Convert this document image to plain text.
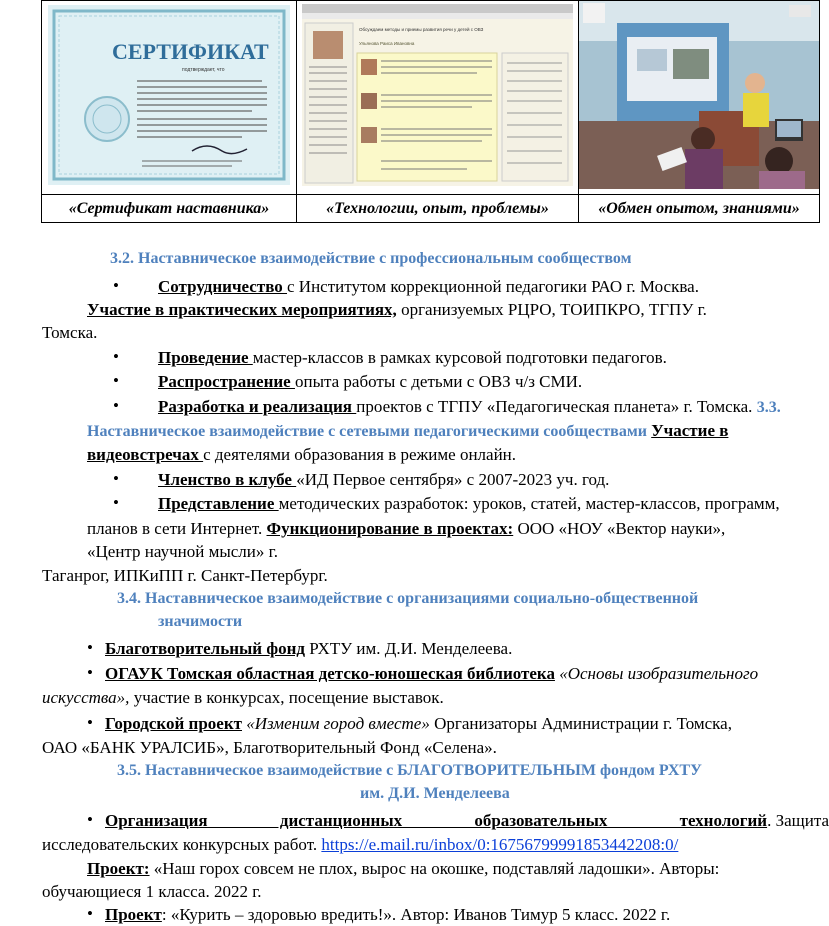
СЕРТИФИКАТ
подтверждает, что	Обсуждаем методы и приемы развития речи у детей с ОВЗ
Ульянова Раиса Ивановна

«Сертификат наставника»	«Технологии, опыт, проблемы»	«Обмен опытом, знаниями»
3.2. Наставническое взаимодействие с профессиональным сообществом
• Сотрудничество с Институтом коррекционной педагогики РАО г. Москва.
Участие в практических мероприятиях, организуемых РЦРО, ТОИПКРО, ТГПУ г.
Томска.
• Проведение мастер-классов в рамках курсовой подготовки педагогов.
• Распространение опыта работы с детьми с ОВЗ ч/з СМИ.
• Разработка и реализация проектов с ТГПУ «Педагогическая планета» г. Томска. 3.3.
Наставническое взаимодействие с сетевыми педагогическими сообществами Участие в
видеовстречах с деятелями образования в режиме онлайн.
• Членство в клубе «ИД Первое сентября» с 2007-2023 уч. год.
• Представление методических разработок: уроков, статей, мастер-классов, программ,
планов в сети Интернет. Функционирование в проектах: ООО «НОУ «Вектор науки»,
«Центр научной мысли» г.
Таганрог, ИПКиПП г. Санкт-Петербург.
3.4. Наставническое взаимодействие с организациями социально-общественной
значимости
• Благотворительный фонд РХТУ им. Д.И. Менделеева.
• ОГАУК Томская областная детско-юношеская библиотека «Основы изобразительного
искусства», участие в конкурсах, посещение выставок.
• Городской проект «Изменим город вместе» Организаторы Администрации г. Томска,
ОАО «БАНК УРАЛСИБ», Благотворительный Фонд «Селена».
3.5. Наставническое взаимодействие с БЛАГОТВОРИТЕЛЬНЫМ фондом РХТУ
им. Д.И. Менделеева
• Организация дистанционных образовательных технологий . Защита
исследовательских конкурсных работ. https://e.mail.ru/inbox/0:16756799991853442208:0/
Проект: «Наш горох совсем не плох, вырос на окошке, подставляй ладошки». Авторы:
обучающиеся 1 класса. 2022 г.
• Проект: «Курить – здоровью вредить!». Автор: Иванов Тимур 5 класс. 2022 г.
